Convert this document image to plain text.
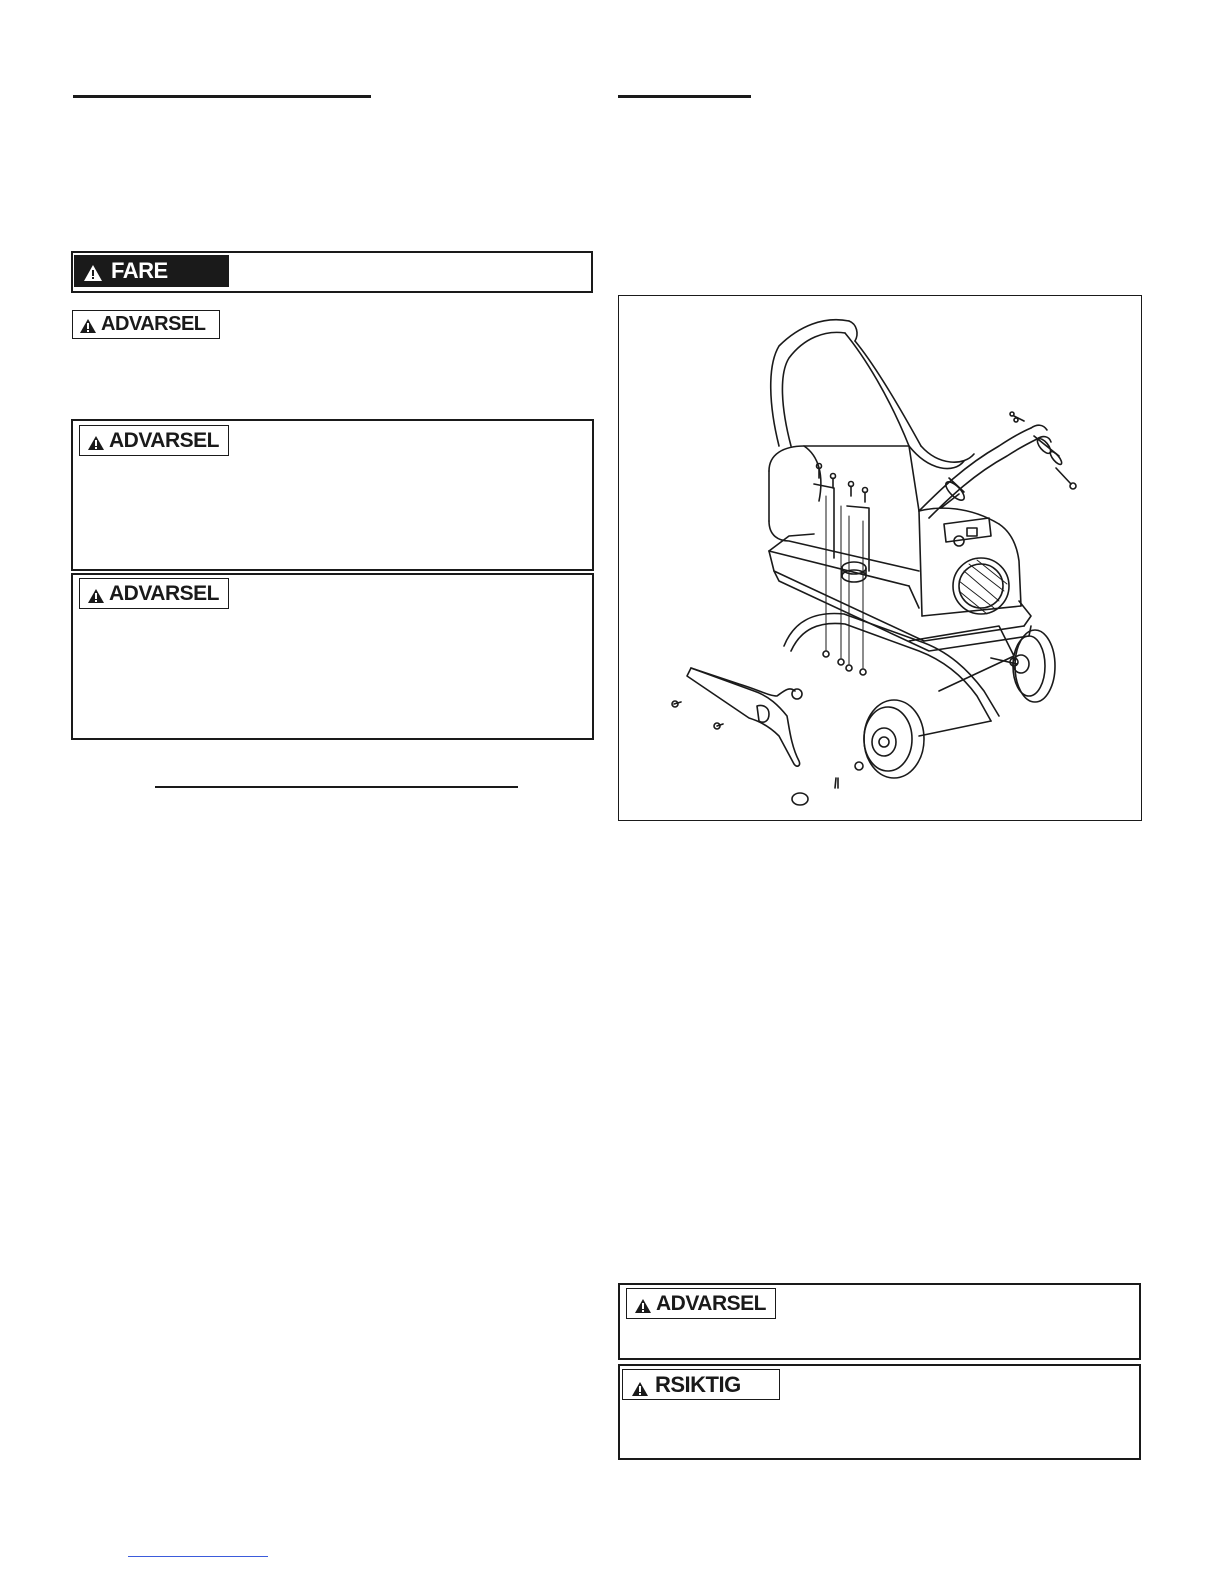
FARE
ADVARSEL
ADVARSEL
ADVARSEL
ADVARSEL
RSIKTIG
